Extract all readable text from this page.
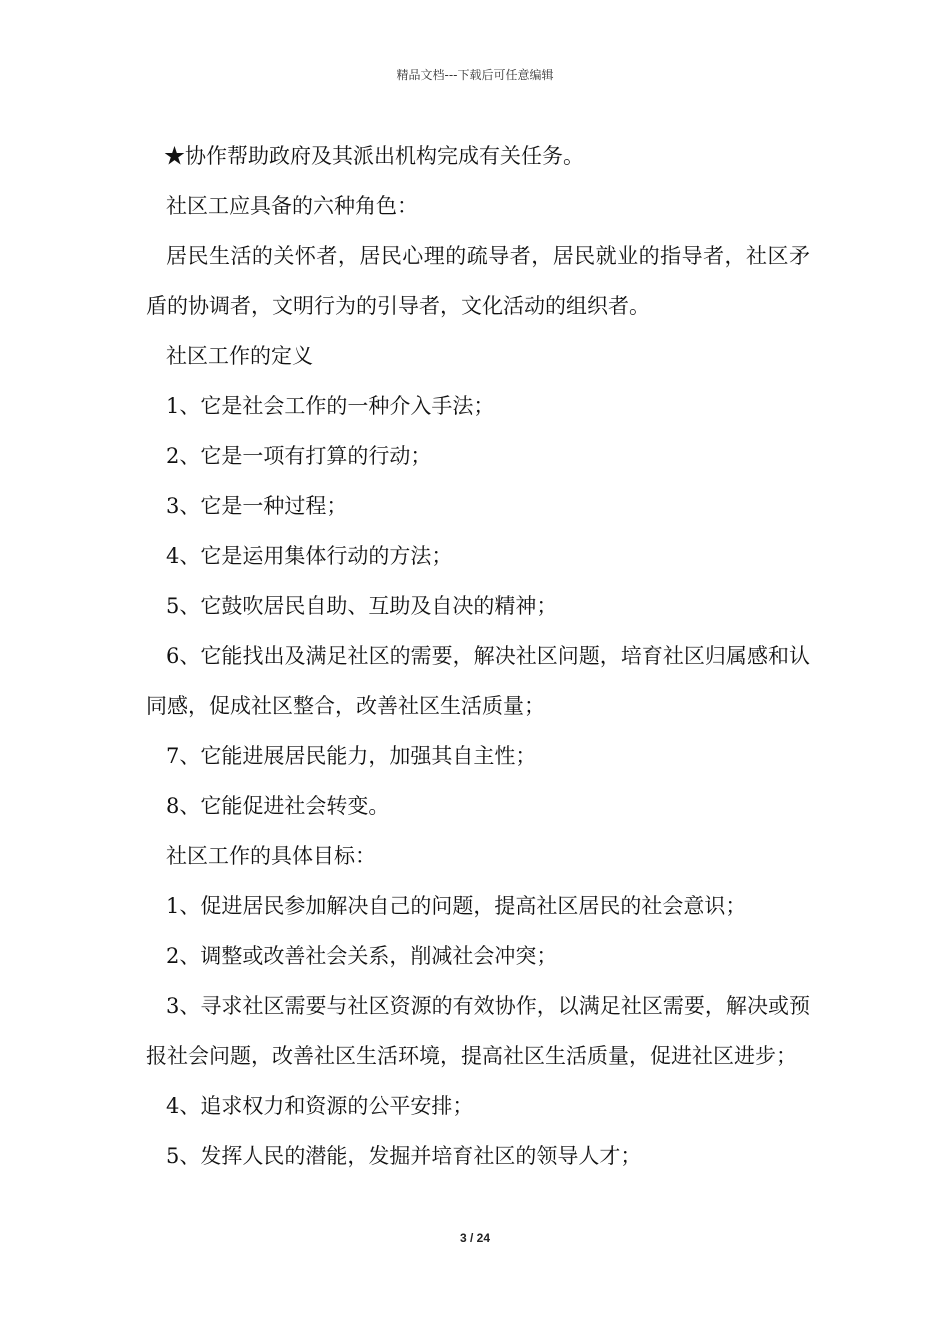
精品文档---下载后可任意编辑

★协作帮助政府及其派出机构完成有关任务。

社区工应具备的六种角色：

居民生活的关怀者，居民心理的疏导者，居民就业的指导者，社区矛盾的协调者，文明行为的引导者，文化活动的组织者。

社区工作的定义

1、它是社会工作的一种介入手法；

2、它是一项有打算的行动；

3、它是一种过程；

4、它是运用集体行动的方法；

5、它鼓吹居民自助、互助及自决的精神；

6、它能找出及满足社区的需要，解决社区问题，培育社区归属感和认同感，促成社区整合，改善社区生活质量；

7、它能进展居民能力，加强其自主性；

8、它能促进社会转变。

社区工作的具体目标：

1、促进居民参加解决自己的问题，提高社区居民的社会意识；

2、调整或改善社会关系，削减社会冲突；

3、寻求社区需要与社区资源的有效协作，以满足社区需要，解决或预报社会问题，改善社区生活环境，提高社区生活质量，促进社区进步；

4、追求权力和资源的公平安排；

5、发挥人民的潜能，发掘并培育社区的领导人才；

3 / 24
